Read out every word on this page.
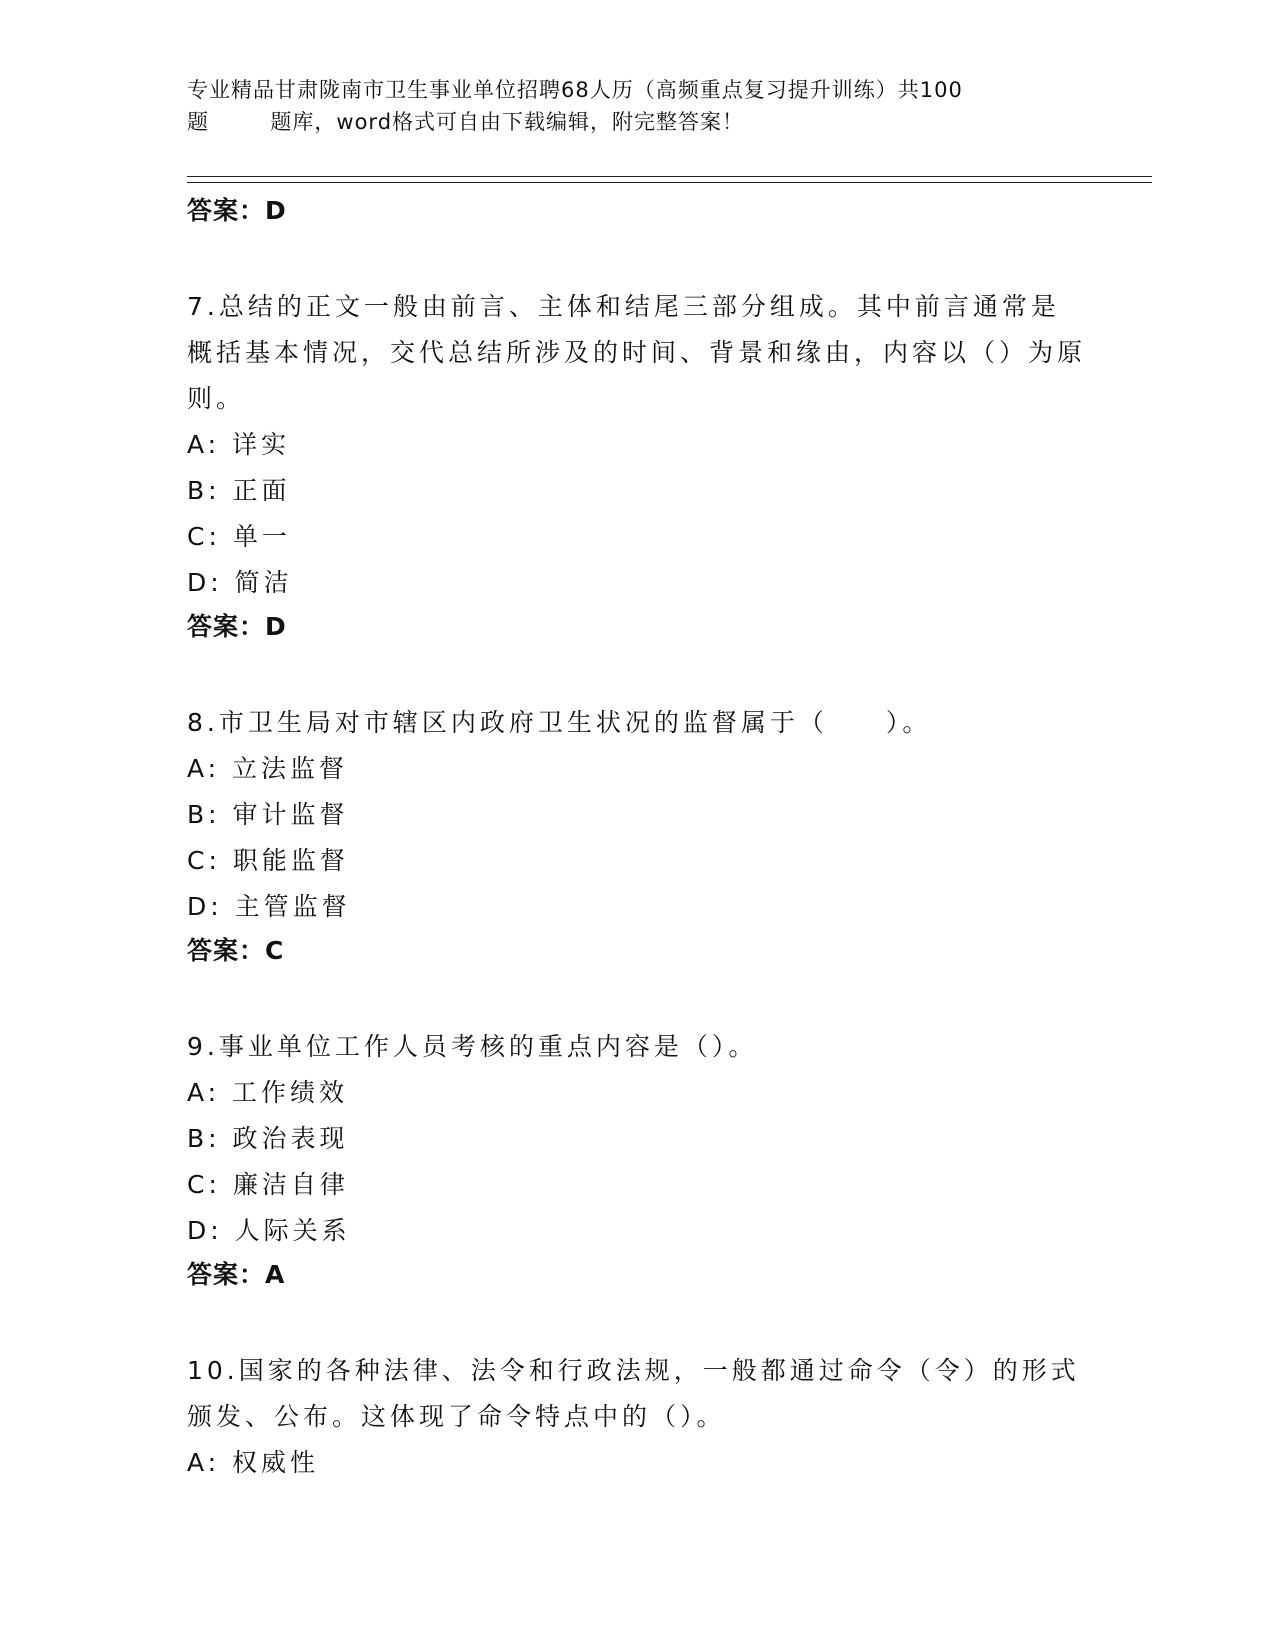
专业精品甘肃陇南市卫生事业单位招聘68人历（高频重点复习提升训练）共100
题        题库，word格式可自由下载编辑，附完整答案！
答案：D

7.总结的正文一般由前言、主体和结尾三部分组成。其中前言通常是概括基本情况，交代总结所涉及的时间、背景和缘由，内容以（）为原则。

A: 详实
B: 正面
C: 单一
D: 简洁
答案：D

8.市卫生局对市辖区内政府卫生状况的监督属于（　　）。

A: 立法监督
B: 审计监督
C: 职能监督
D: 主管监督
答案：C

9.事业单位工作人员考核的重点内容是（）。

A: 工作绩效
B: 政治表现
C: 廉洁自律
D: 人际关系
答案：A

10.国家的各种法律、法令和行政法规，一般都通过命令（令）的形式颁发、公布。这体现了命令特点中的（）。

A: 权威性
